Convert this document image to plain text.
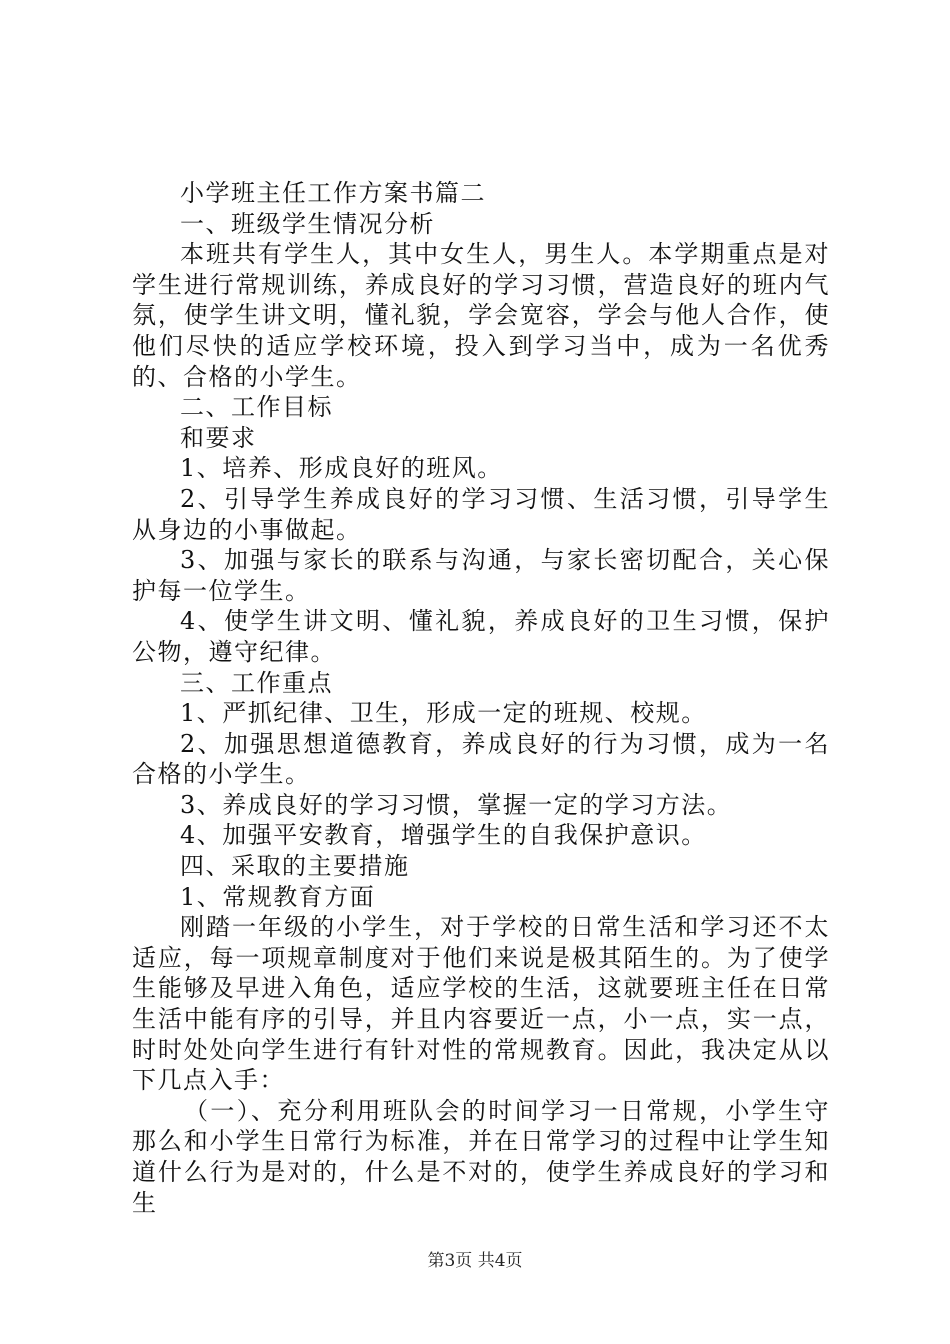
小学班主任工作方案书篇二

一、班级学生情况分析

本班共有学生人，其中女生人，男生人。本学期重点是对学生进行常规训练，养成良好的学习习惯，营造良好的班内气氛，使学生讲文明，懂礼貌，学会宽容，学会与他人合作，使他们尽快的适应学校环境，投入到学习当中，成为一名优秀的、合格的小学生。

二、工作目标

和要求

1、培养、形成良好的班风。

2、引导学生养成良好的学习习惯、生活习惯，引导学生从身边的小事做起。

3、加强与家长的联系与沟通，与家长密切配合，关心保护每一位学生。

4、使学生讲文明、懂礼貌，养成良好的卫生习惯，保护公物，遵守纪律。

三、工作重点

1、严抓纪律、卫生，形成一定的班规、校规。

2、加强思想道德教育，养成良好的行为习惯，成为一名合格的小学生。

3、养成良好的学习习惯，掌握一定的学习方法。

4、加强平安教育，增强学生的自我保护意识。

四、采取的主要措施

1、常规教育方面

刚踏一年级的小学生，对于学校的日常生活和学习还不太适应，每一项规章制度对于他们来说是极其陌生的。为了使学生能够及早进入角色，适应学校的生活，这就要班主任在日常生活中能有序的引导，并且内容要近一点，小一点，实一点，时时处处向学生进行有针对性的常规教育。因此，我决定从以下几点入手：

（一）、充分利用班队会的时间学习一日常规，小学生守那么和小学生日常行为标准，并在日常学习的过程中让学生知道什么行为是对的，什么是不对的，使学生养成良好的学习和生

第3页 共4页
